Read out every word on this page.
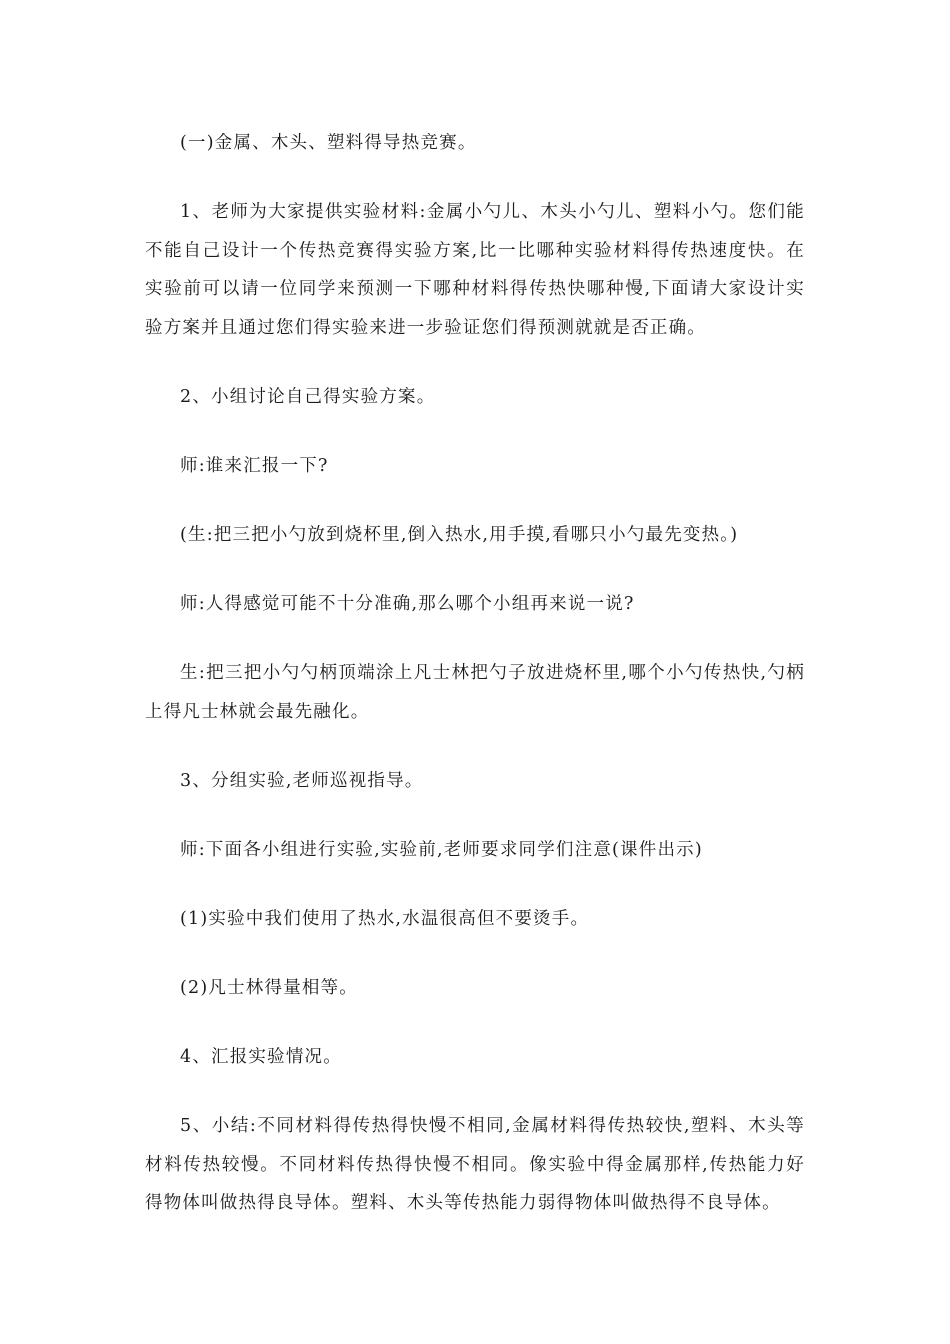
(一)金属、木头、塑料得导热竞赛。

1、老师为大家提供实验材料:金属小勺儿、木头小勺儿、塑料小勺。您们能不能自己设计一个传热竞赛得实验方案,比一比哪种实验材料得传热速度快。在实验前可以请一位同学来预测一下哪种材料得传热快哪种慢,下面请大家设计实验方案并且通过您们得实验来进一步验证您们得预测就就是否正确。

2、小组讨论自己得实验方案。

师:谁来汇报一下?

(生:把三把小勺放到烧杯里,倒入热水,用手摸,看哪只小勺最先变热。)

师:人得感觉可能不十分准确,那么哪个小组再来说一说?

生:把三把小勺勺柄顶端涂上凡士林把勺子放进烧杯里,哪个小勺传热快,勺柄上得凡士林就会最先融化。

3、分组实验,老师巡视指导。

师:下面各小组进行实验,实验前,老师要求同学们注意(课件出示)

(1)实验中我们使用了热水,水温很高但不要烫手。

(2)凡士林得量相等。

4、汇报实验情况。

5、小结:不同材料得传热得快慢不相同,金属材料得传热较快,塑料、木头等材料传热较慢。不同材料传热得快慢不相同。像实验中得金属那样,传热能力好得物体叫做热得良导体。塑料、木头等传热能力弱得物体叫做热得不良导体。
